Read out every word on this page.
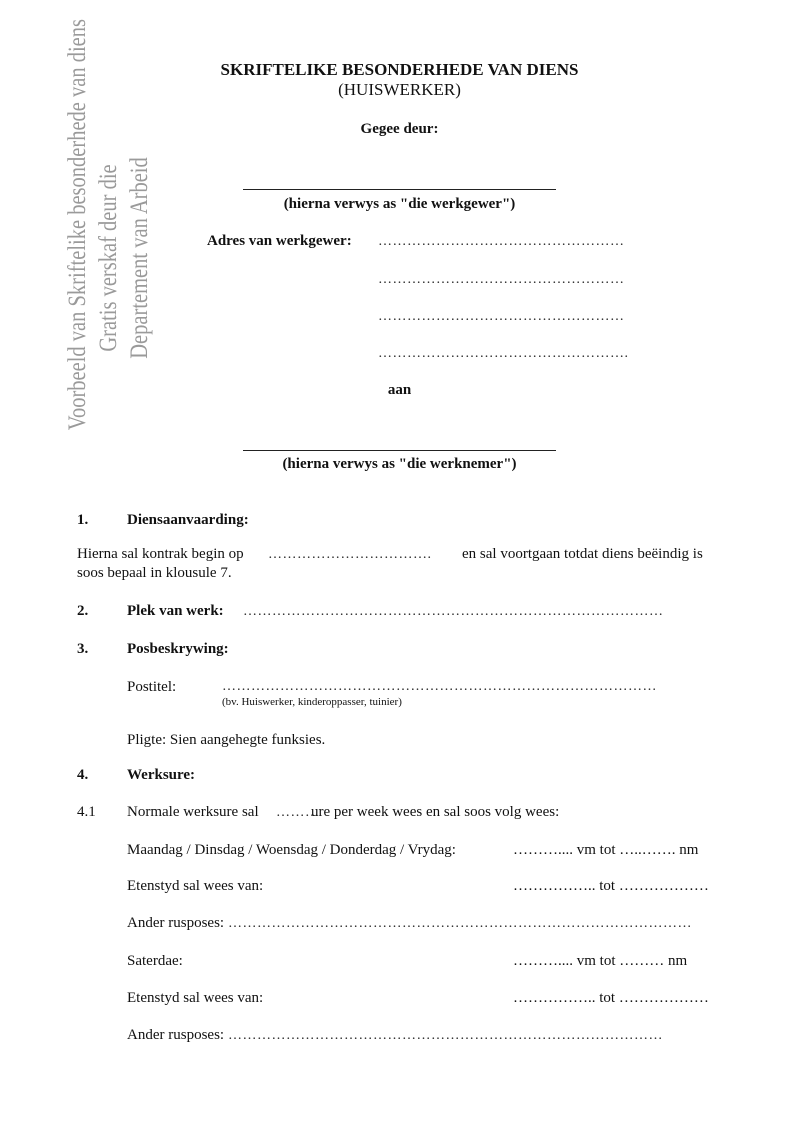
Voorbeeld van Skriftelike besonderhede van diens Gratis verskaf deur die Departement van Arbeid
SKRIFTELIKE BESONDERHEDE VAN DIENS
(HUISWERKER)
Gegee deur:
(hierna verwys as "die werkgewer")
Adres van werkgewer: ……………………………………………
……………………………………………
……………………………………………
…………………………………………….
aan
(hierna verwys as "die werknemer")
1.	Diensaanvaarding:
Hierna sal kontrak begin op ……………………………. en sal voortgaan totdat diens beëindig is
soos bepaal in klousule 7.
2.	Plek van werk: ……………………………………………………………………………
3.	Posbeskrywing:
Postitel:	………………………………………………………………………………
(bv. Huiswerker, kinderoppasser, tuinier)
Pligte: Sien aangehegte funksies.
4.	Werksure:
4.1 Normale werksure sal ………
ure per week wees en sal soos volg wees:
Maandag / Dinsdag / Woensdag / Donderdag / Vrydag:	……….... vm tot …..……. nm
Etenstyd sal wees van:	…………….. tot ………………
Ander rusposes: ……………………………………………………………………………………
Saterdae:	……….... vm tot ……… nm
Etenstyd sal wees van:	…………….. tot ………………
Ander rusposes: ………………………………………………………………………………
